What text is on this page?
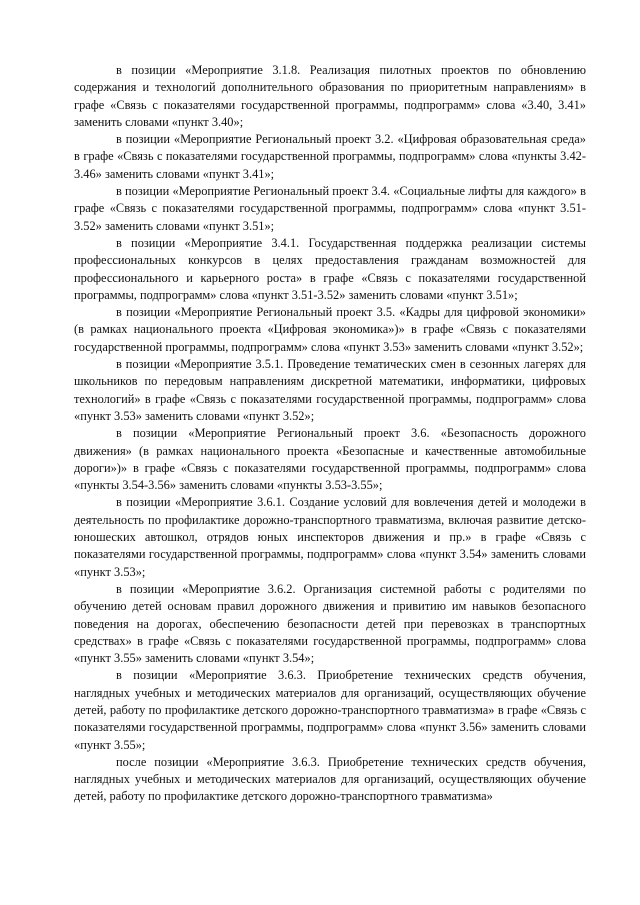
в позиции «Мероприятие 3.1.8. Реализация пилотных проектов по обновлению содержания и технологий дополнительного образования по приоритетным направлениям» в графе «Связь с показателями государственной программы, подпрограмм» слова «3.40, 3.41» заменить словами «пункт 3.40»;

в позиции «Мероприятие Региональный проект 3.2. «Цифровая образовательная среда» в графе «Связь с показателями государственной программы, подпрограмм» слова «пункты 3.42-3.46» заменить словами «пункт 3.41»;

в позиции «Мероприятие Региональный проект 3.4. «Социальные лифты для каждого» в графе «Связь с показателями государственной программы, подпрограмм» слова «пункт 3.51-3.52» заменить словами «пункт 3.51»;

в позиции «Мероприятие 3.4.1. Государственная поддержка реализации системы профессиональных конкурсов в целях предоставления гражданам возможностей для профессионального и карьерного роста» в графе «Связь с показателями государственной программы, подпрограмм» слова «пункт 3.51-3.52» заменить словами «пункт 3.51»;

в позиции «Мероприятие Региональный проект 3.5. «Кадры для цифровой экономики» (в рамках национального проекта «Цифровая экономика»)» в графе «Связь с показателями государственной программы, подпрограмм» слова «пункт 3.53» заменить словами «пункт 3.52»;

в позиции «Мероприятие 3.5.1. Проведение тематических смен в сезонных лагерях для школьников по передовым направлениям дискретной математики, информатики, цифровых технологий» в графе «Связь с показателями государственной программы, подпрограмм» слова «пункт 3.53» заменить словами «пункт 3.52»;

в позиции «Мероприятие Региональный проект 3.6. «Безопасность дорожного движения» (в рамках национального проекта «Безопасные и качественные автомобильные дороги»)» в графе «Связь с показателями государственной программы, подпрограмм» слова «пункты 3.54-3.56» заменить словами «пункты 3.53-3.55»;

в позиции «Мероприятие 3.6.1. Создание условий для вовлечения детей и молодежи в деятельность по профилактике дорожно-транспортного травматизма, включая развитие детско-юношеских автошкол, отрядов юных инспекторов движения и пр.» в графе «Связь с показателями государственной программы, подпрограмм» слова «пункт 3.54» заменить словами «пункт 3.53»;

в позиции «Мероприятие 3.6.2. Организация системной работы с родителями по обучению детей основам правил дорожного движения и привитию им навыков безопасного поведения на дорогах, обеспечению безопасности детей при перевозках в транспортных средствах» в графе «Связь с показателями государственной программы, подпрограмм» слова «пункт 3.55» заменить словами «пункт 3.54»;

в позиции «Мероприятие 3.6.3. Приобретение технических средств обучения, наглядных учебных и методических материалов для организаций, осуществляющих обучение детей, работу по профилактике детского дорожно-транспортного травматизма» в графе «Связь с показателями государственной программы, подпрограмм» слова «пункт 3.56» заменить словами «пункт 3.55»;

после позиции «Мероприятие 3.6.3. Приобретение технических средств обучения, наглядных учебных и методических материалов для организаций, осуществляющих обучение детей, работу по профилактике детского дорожно-транспортного травматизма»
